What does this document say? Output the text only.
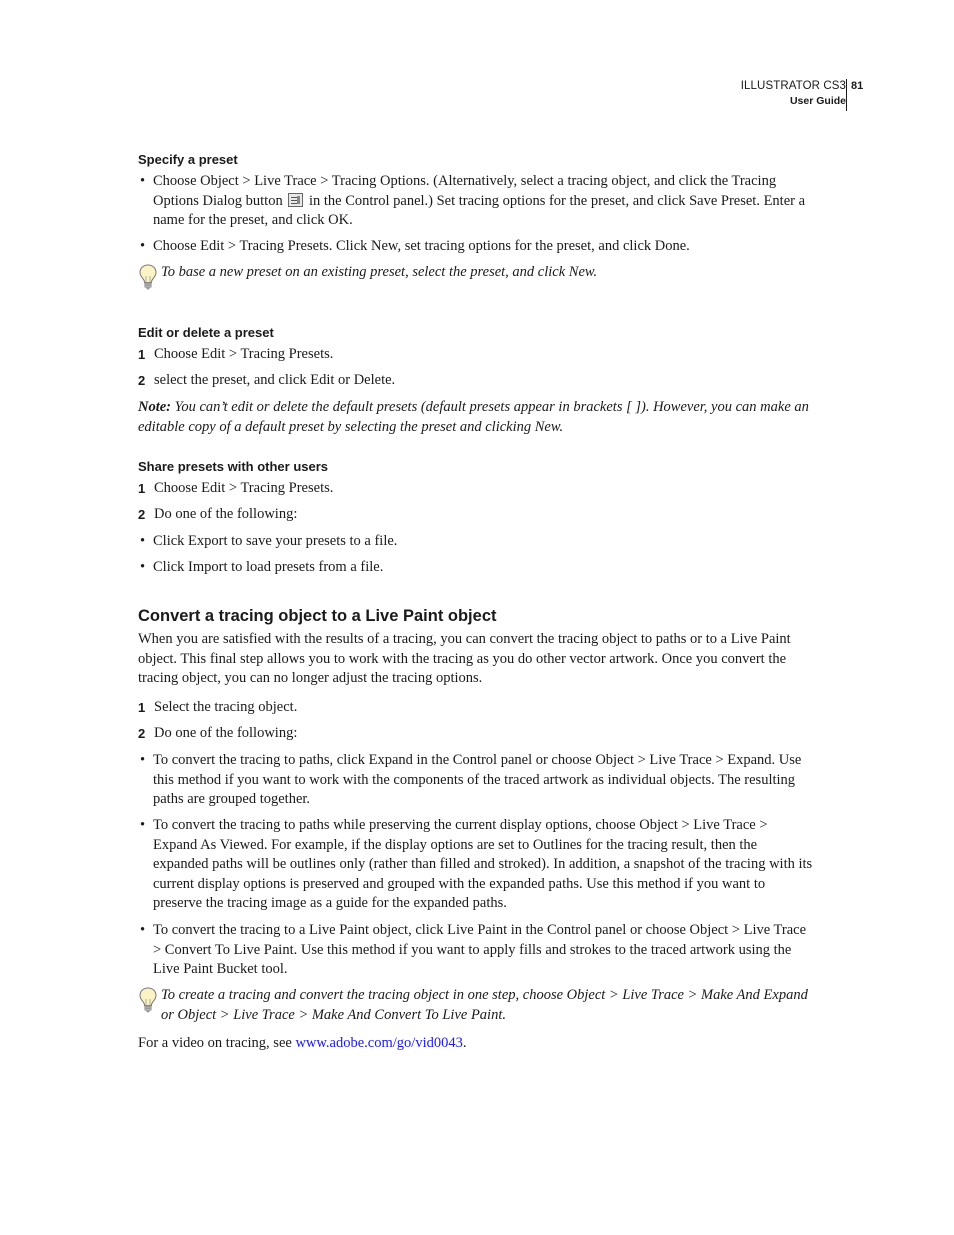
ILLUSTRATOR CS3
User Guide
81
Specify a preset
• Choose Object > Live Trace > Tracing Options. (Alternatively, select a tracing object, and click the Tracing Options Dialog button in the Control panel.) Set tracing options for the preset, and click Save Preset. Enter a name for the preset, and click OK.
• Choose Edit > Tracing Presets. Click New, set tracing options for the preset, and click Done.
To base a new preset on an existing preset, select the preset, and click New.
Edit or delete a preset
1 Choose Edit > Tracing Presets.
2 select the preset, and click Edit or Delete.
Note: You can’t edit or delete the default presets (default presets appear in brackets [ ]). However, you can make an editable copy of a default preset by selecting the preset and clicking New.
Share presets with other users
1 Choose Edit > Tracing Presets.
2 Do one of the following:
• Click Export to save your presets to a file.
• Click Import to load presets from a file.
Convert a tracing object to a Live Paint object
When you are satisfied with the results of a tracing, you can convert the tracing object to paths or to a Live Paint object. This final step allows you to work with the tracing as you do other vector artwork. Once you convert the tracing object, you can no longer adjust the tracing options.
1 Select the tracing object.
2 Do one of the following:
• To convert the tracing to paths, click Expand in the Control panel or choose Object > Live Trace > Expand. Use this method if you want to work with the components of the traced artwork as individual objects. The resulting paths are grouped together.
• To convert the tracing to paths while preserving the current display options, choose Object > Live Trace > Expand As Viewed. For example, if the display options are set to Outlines for the tracing result, then the expanded paths will be outlines only (rather than filled and stroked). In addition, a snapshot of the tracing with its current display options is preserved and grouped with the expanded paths. Use this method if you want to preserve the tracing image as a guide for the expanded paths.
• To convert the tracing to a Live Paint object, click Live Paint in the Control panel or choose Object > Live Trace > Convert To Live Paint. Use this method if you want to apply fills and strokes to the traced artwork using the Live Paint Bucket tool.
To create a tracing and convert the tracing object in one step, choose Object > Live Trace > Make And Expand or Object > Live Trace > Make And Convert To Live Paint.
For a video on tracing, see www.adobe.com/go/vid0043.
